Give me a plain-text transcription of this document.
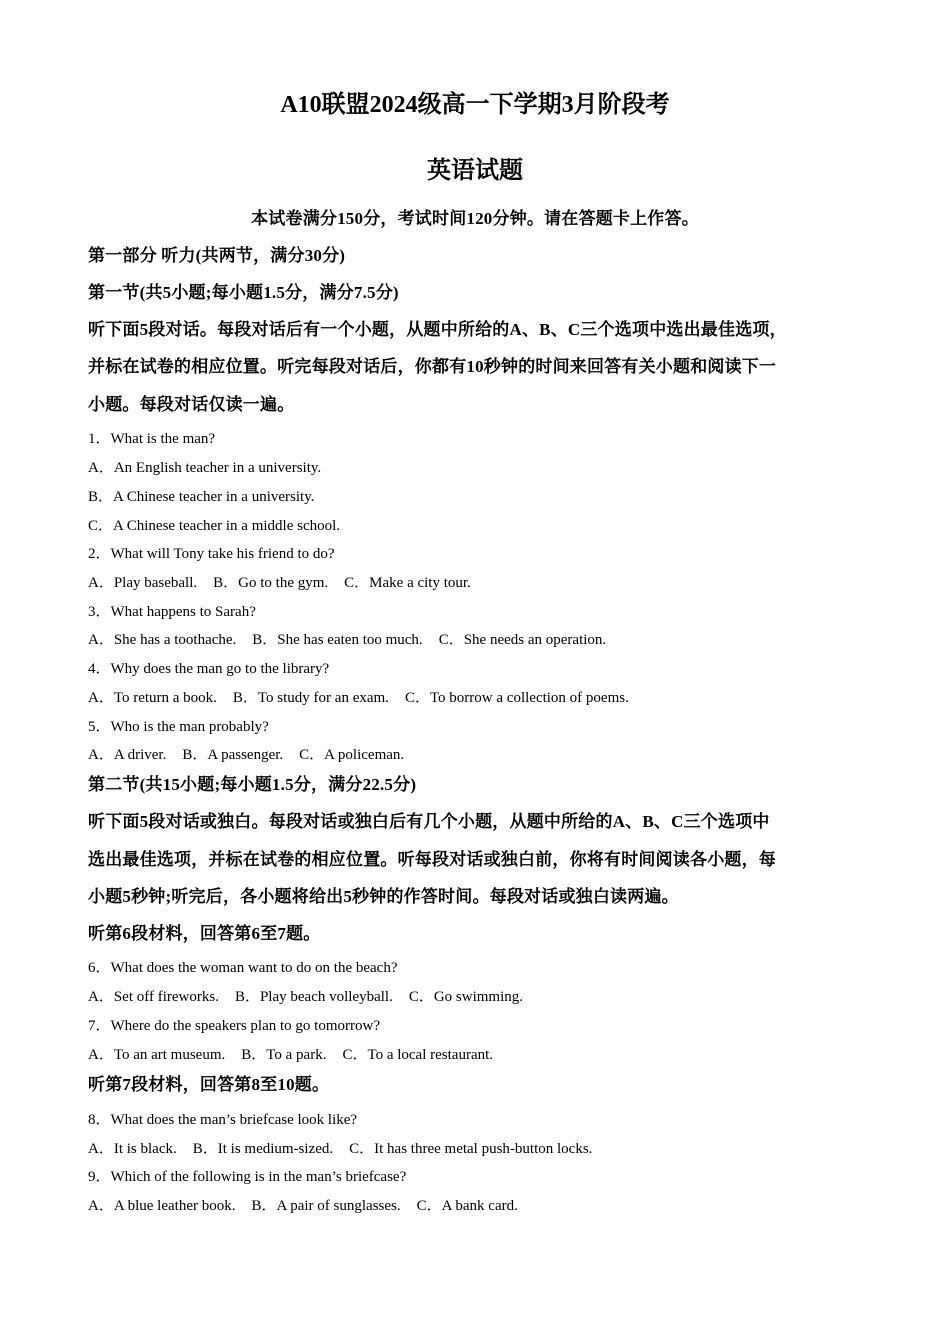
A10联盟2024级高一下学期3月阶段考
英语试题
本试卷满分150分，考试时间120分钟。请在答题卡上作答。
第一部分 听力(共两节，满分30分)
第一节(共5小题;每小题1.5分，满分7.5分)
听下面5段对话。每段对话后有一个小题，从题中所给的A、B、C三个选项中选出最佳选项，
并标在试卷的相应位置。听完每段对话后，你都有10秒钟的时间来回答有关小题和阅读下一
小题。每段对话仅读一遍。
1．What is the man?
A．An English teacher in a university.
B．A Chinese teacher in a university.
C．A Chinese teacher in a middle school.
2．What will Tony take his friend to do?
A．Play baseball. B．Go to the gym. C．Make a city tour.
3．What happens to Sarah?
A．She has a toothache. B．She has eaten too much. C．She needs an operation.
4．Why does the man go to the library?
A．To return a book. B．To study for an exam. C．To borrow a collection of poems.
5．Who is the man probably?
A．A driver. B．A passenger. C．A policeman.
第二节(共15小题;每小题1.5分，满分22.5分)
听下面5段对话或独白。每段对话或独白后有几个小题，从题中所给的A、B、C三个选项中
选出最佳选项，并标在试卷的相应位置。听每段对话或独白前，你将有时间阅读各小题，每
小题5秒钟;听完后，各小题将给出5秒钟的作答时间。每段对话或独白读两遍。
听第6段材料，回答第6至7题。
6．What does the woman want to do on the beach?
A．Set off fireworks. B．Play beach volleyball. C．Go swimming.
7．Where do the speakers plan to go tomorrow?
A．To an art museum. B．To a park. C．To a local restaurant.
听第7段材料，回答第8至10题。
8．What does the man’s briefcase look like?
A．It is black. B．It is medium-sized. C．It has three metal push-button locks.
9．Which of the following is in the man’s briefcase?
A．A blue leather book. B．A pair of sunglasses. C．A bank card.
